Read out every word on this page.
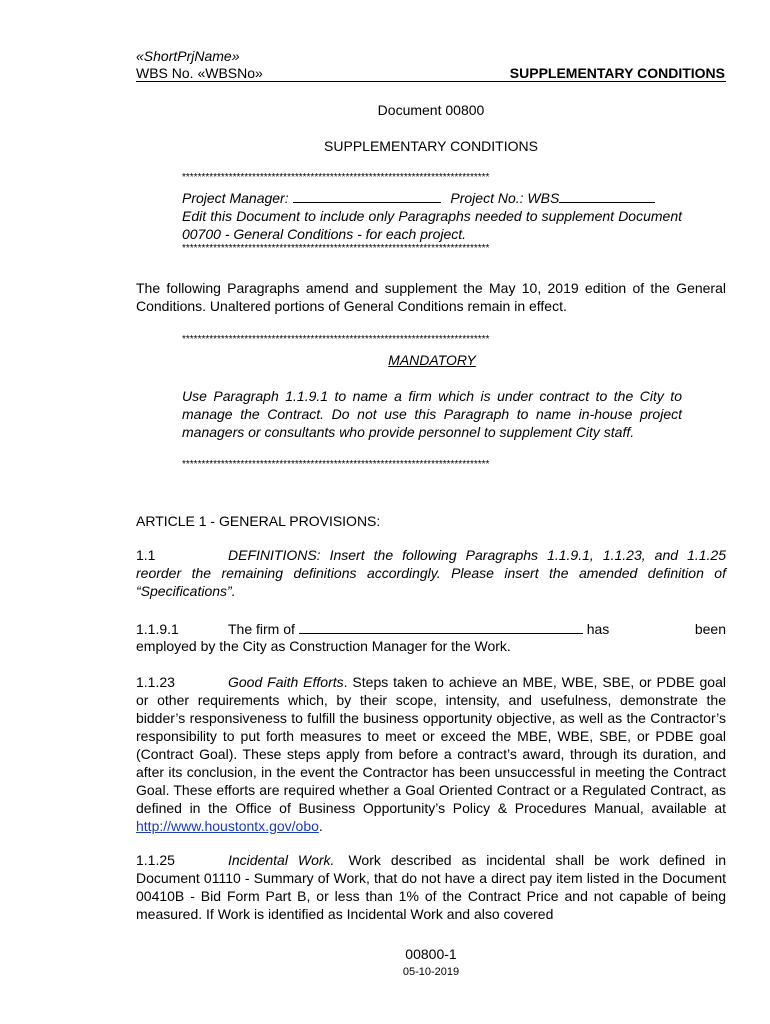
«ShortPrjName»
WBS No. «WBSNo»	SUPPLEMENTARY CONDITIONS
Document 00800
SUPPLEMENTARY CONDITIONS
*******************************************************************************
Project Manager:	Project No.: WBS
Edit this Document to include only Paragraphs needed to supplement Document 00700 - General Conditions - for each project.
*******************************************************************************
The following Paragraphs amend and supplement the May 10, 2019 edition of the General Conditions. Unaltered portions of General Conditions remain in effect.
*******************************************************************************
MANDATORY
Use Paragraph 1.1.9.1 to name a firm which is under contract to the City to manage the Contract. Do not use this Paragraph to name in-house project managers or consultants who provide personnel to supplement City staff.
*******************************************************************************
ARTICLE 1 - GENERAL PROVISIONS:
1.1	DEFINITIONS: Insert the following Paragraphs 1.1.9.1, 1.1.23, and 1.1.25 reorder the remaining definitions accordingly. Please insert the amended definition of “Specifications”.
1.1.9.1	The firm of	has	been
employed by the City as Construction Manager for the Work.
1.1.23	Good Faith Efforts. Steps taken to achieve an MBE, WBE, SBE, or PDBE goal or other requirements which, by their scope, intensity, and usefulness, demonstrate the bidder’s responsiveness to fulfill the business opportunity objective, as well as the Contractor’s responsibility to put forth measures to meet or exceed the MBE, WBE, SBE, or PDBE goal (Contract Goal). These steps apply from before a contract’s award, through its duration, and after its conclusion, in the event the Contractor has been unsuccessful in meeting the Contract Goal. These efforts are required whether a Goal Oriented Contract or a Regulated Contract, as defined in the Office of Business Opportunity’s Policy & Procedures Manual, available at http://www.houstontx.gov/obo.
1.1.25	Incidental Work. Work described as incidental shall be work defined in Document 01110 - Summary of Work, that do not have a direct pay item listed in the Document 00410B - Bid Form Part B, or less than 1% of the Contract Price and not capable of being measured. If Work is identified as Incidental Work and also covered
00800-1
05-10-2019
